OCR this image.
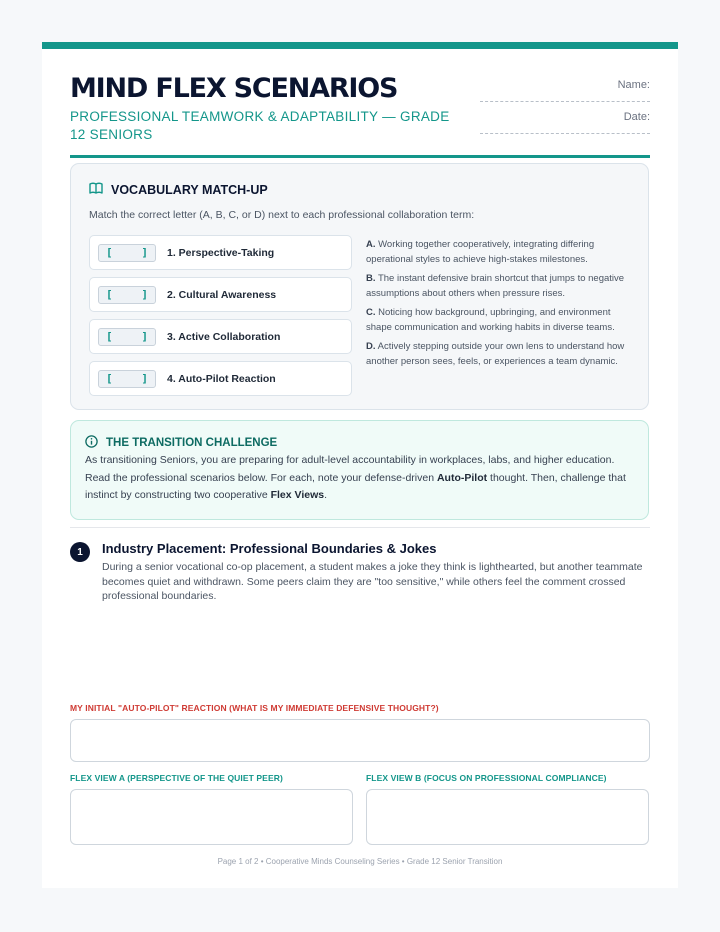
MIND FLEX SCENARIOS
PROFESSIONAL TEAMWORK & ADAPTABILITY — GRADE 12 SENIORS
Name:
Date:
VOCABULARY MATCH-UP
Match the correct letter (A, B, C, or D) next to each professional collaboration term:
[	] 1. Perspective-Taking
[	] 2. Cultural Awareness
[	] 3. Active Collaboration
[	] 4. Auto-Pilot Reaction
A. Working together cooperatively, integrating differing operational styles to achieve high-stakes milestones.
B. The instant defensive brain shortcut that jumps to negative assumptions about others when pressure rises.
C. Noticing how background, upbringing, and environment shape communication and working habits in diverse teams.
D. Actively stepping outside your own lens to understand how another person sees, feels, or experiences a team dynamic.
THE TRANSITION CHALLENGE
As transitioning Seniors, you are preparing for adult-level accountability in workplaces, labs, and higher education. Read the professional scenarios below. For each, note your defense-driven Auto-Pilot thought. Then, challenge that instinct by constructing two cooperative Flex Views.
1	Industry Placement: Professional Boundaries & Jokes
During a senior vocational co-op placement, a student makes a joke they think is lighthearted, but another teammate becomes quiet and withdrawn. Some peers claim they are "too sensitive," while others feel the comment crossed professional boundaries.
MY INITIAL "AUTO-PILOT" REACTION (WHAT IS MY IMMEDIATE DEFENSIVE THOUGHT?)
FLEX VIEW A (PERSPECTIVE OF THE QUIET PEER)	FLEX VIEW B (FOCUS ON PROFESSIONAL COMPLIANCE)
Page 1 of 2 • Cooperative Minds Counseling Series • Grade 12 Senior Transition
